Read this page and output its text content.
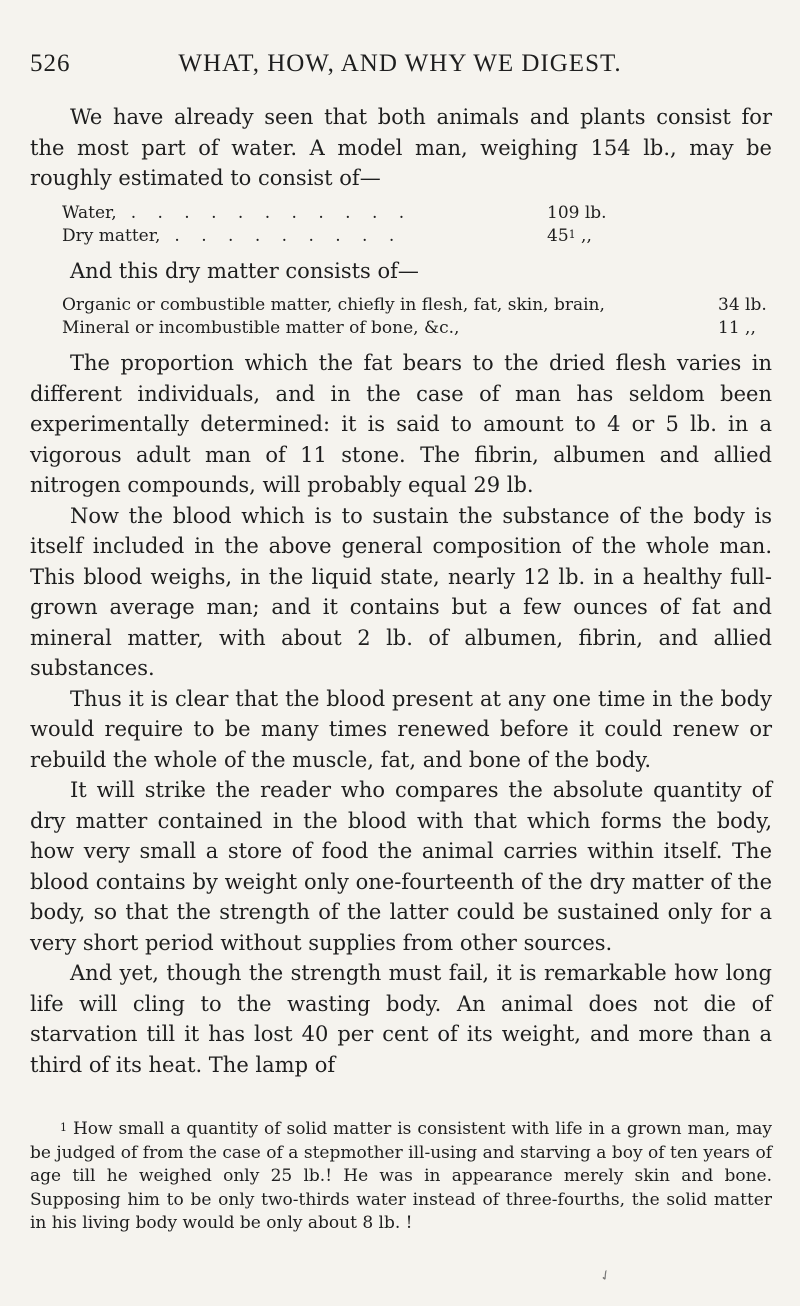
526	WHAT, HOW, AND WHY WE DIGEST.

We have already seen that both animals and plants consist for the most part of water. A model man, weighing 154 lb., may be roughly estimated to consist of—

Water, . . . . . . . . . . .	109 lb.
Dry matter, . . . . . . . . .	$45^1$ ,,

And this dry matter consists of—

Organic or combustible matter, chiefly in flesh, fat, skin, brain,	34 lb.
Mineral or incombustible matter of bone, &c.,	11 ,,

The proportion which the fat bears to the dried flesh varies in different individuals, and in the case of man has seldom been experimentally determined: it is said to amount to 4 or 5 lb. in a vigorous adult man of 11 stone. The fibrin, albumen and allied nitrogen compounds, will probably equal 29 lb.

Now the blood which is to sustain the substance of the body is itself included in the above general composition of the whole man. This blood weighs, in the liquid state, nearly 12 lb. in a healthy full-grown average man; and it contains but a few ounces of fat and mineral matter, with about 2 lb. of albumen, fibrin, and allied substances.

Thus it is clear that the blood present at any one time in the body would require to be many times renewed before it could renew or rebuild the whole of the muscle, fat, and bone of the body.

It will strike the reader who compares the absolute quantity of dry matter contained in the blood with that which forms the body, how very small a store of food the animal carries within itself. The blood contains by weight only one-fourteenth of the dry matter of the body, so that the strength of the latter could be sustained only for a very short period without supplies from other sources.

And yet, though the strength must fail, it is remarkable how long life will cling to the wasting body. An animal does not die of starvation till it has lost 40 per cent of its weight, and more than a third of its heat. The lamp of

$^1$ How small a quantity of solid matter is consistent with life in a grown man, may be judged of from the case of a stepmother ill-using and starving a boy of ten years of age till he weighed only 25 lb.! He was in appearance merely skin and bone. Supposing him to be only two-thirds water instead of three-fourths, the solid matter in his living body would be only about 8 lb. !
✓
